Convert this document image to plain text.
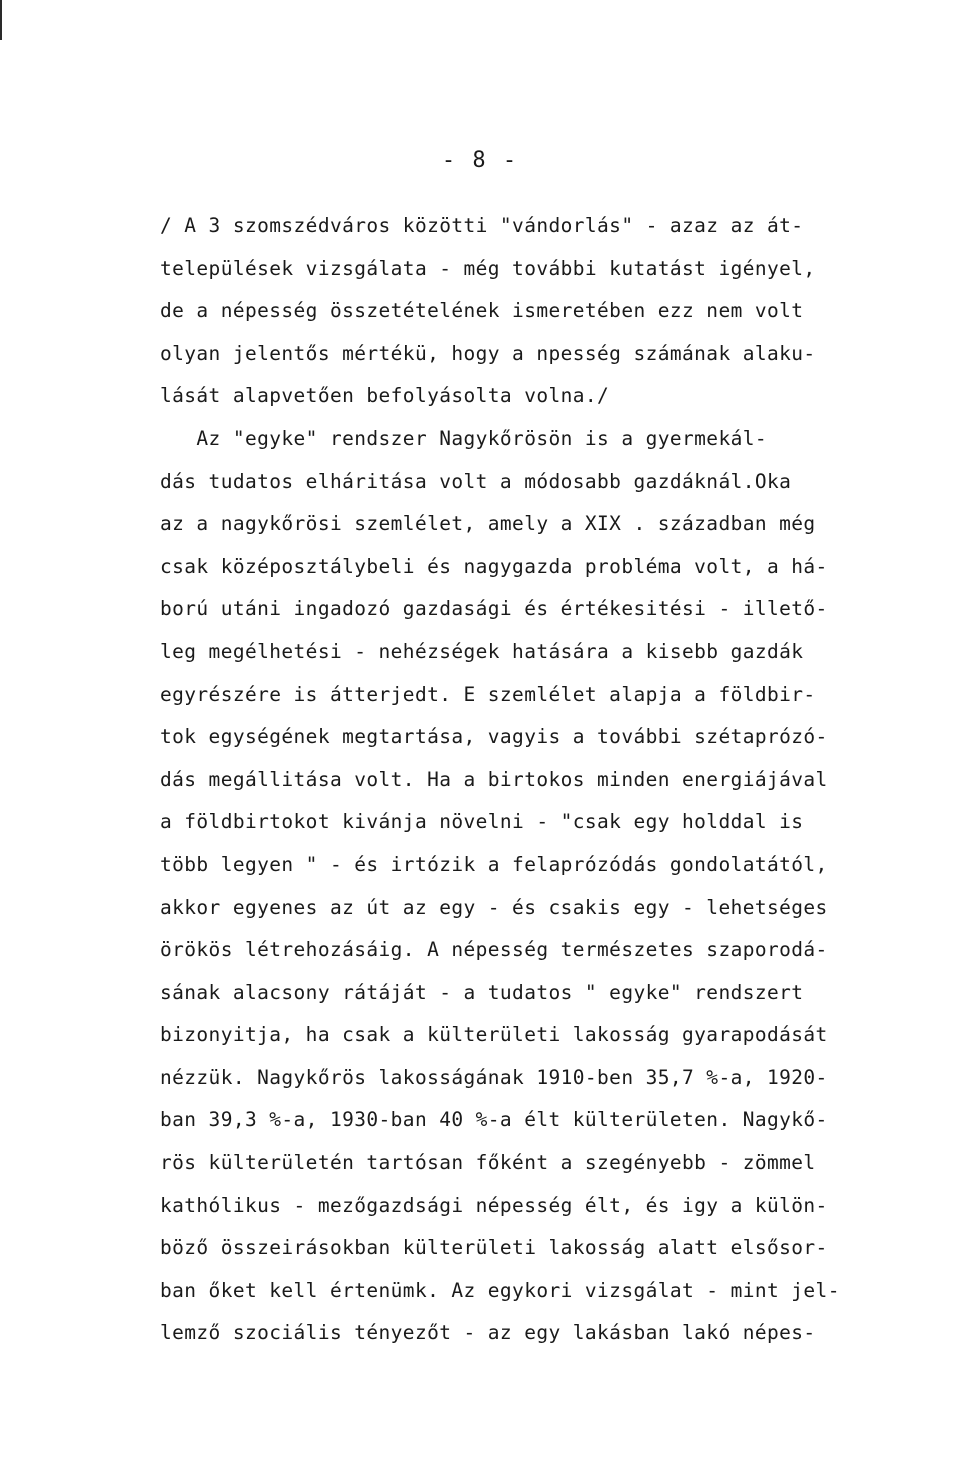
- 8 -
/ A 3 szomszédváros közötti "vándorlás" - azaz az át-
települések vizsgálata - még további kutatást igényel,
de a népesség összetételének ismeretében ezz nem volt
olyan jelentős mértékü, hogy a npesség számának alaku-
lását alapvetően befolyásolta volna./
Az "egyke" rendszer Nagykőrösön is a gyermekál-
dás tudatos elháritása volt a módosabb gazdáknál.Oka
az a nagykőrösi szemlélet, amely a XIX . században még
csak középosztálybeli és nagygazda probléma volt, a há-
ború utáni ingadozó gazdasági és értékesitési - illető-
leg megélhetési - nehézségek hatására a kisebb gazdák
egyrészére is átterjedt. E szemlélet alapja a földbir-
tok egységének megtartása, vagyis a további szétaprózó-
dás megállitása volt. Ha a birtokos minden energiájával
a földbirtokot kivánja növelni - "csak egy holddal is
több legyen " - és irtózik a felaprózódás gondolatától,
akkor egyenes az út az egy - és csakis egy - lehetséges
örökös létrehozásáig. A népesség természetes szaporodá-
sának alacsony rátáját - a tudatos " egyke" rendszert
bizonyitja, ha csak a külterületi lakosság gyarapodását
nézzük. Nagykőrös lakosságának 1910-ben 35,7 %-a, 1920-
ban 39,3 %-a, 1930-ban 40 %-a élt külterületen. Nagykő-
rös külterületén tartósan főként a szegényebb - zömmel
kathólikus - mezőgazdsági népesség élt, és igy a külön-
böző összeirásokban külterületi lakosság alatt elsősor-
ban őket kell értenümk. Az egykori vizsgálat - mint jel-
lemző szociális tényezőt - az egy lakásban lakó népes-
